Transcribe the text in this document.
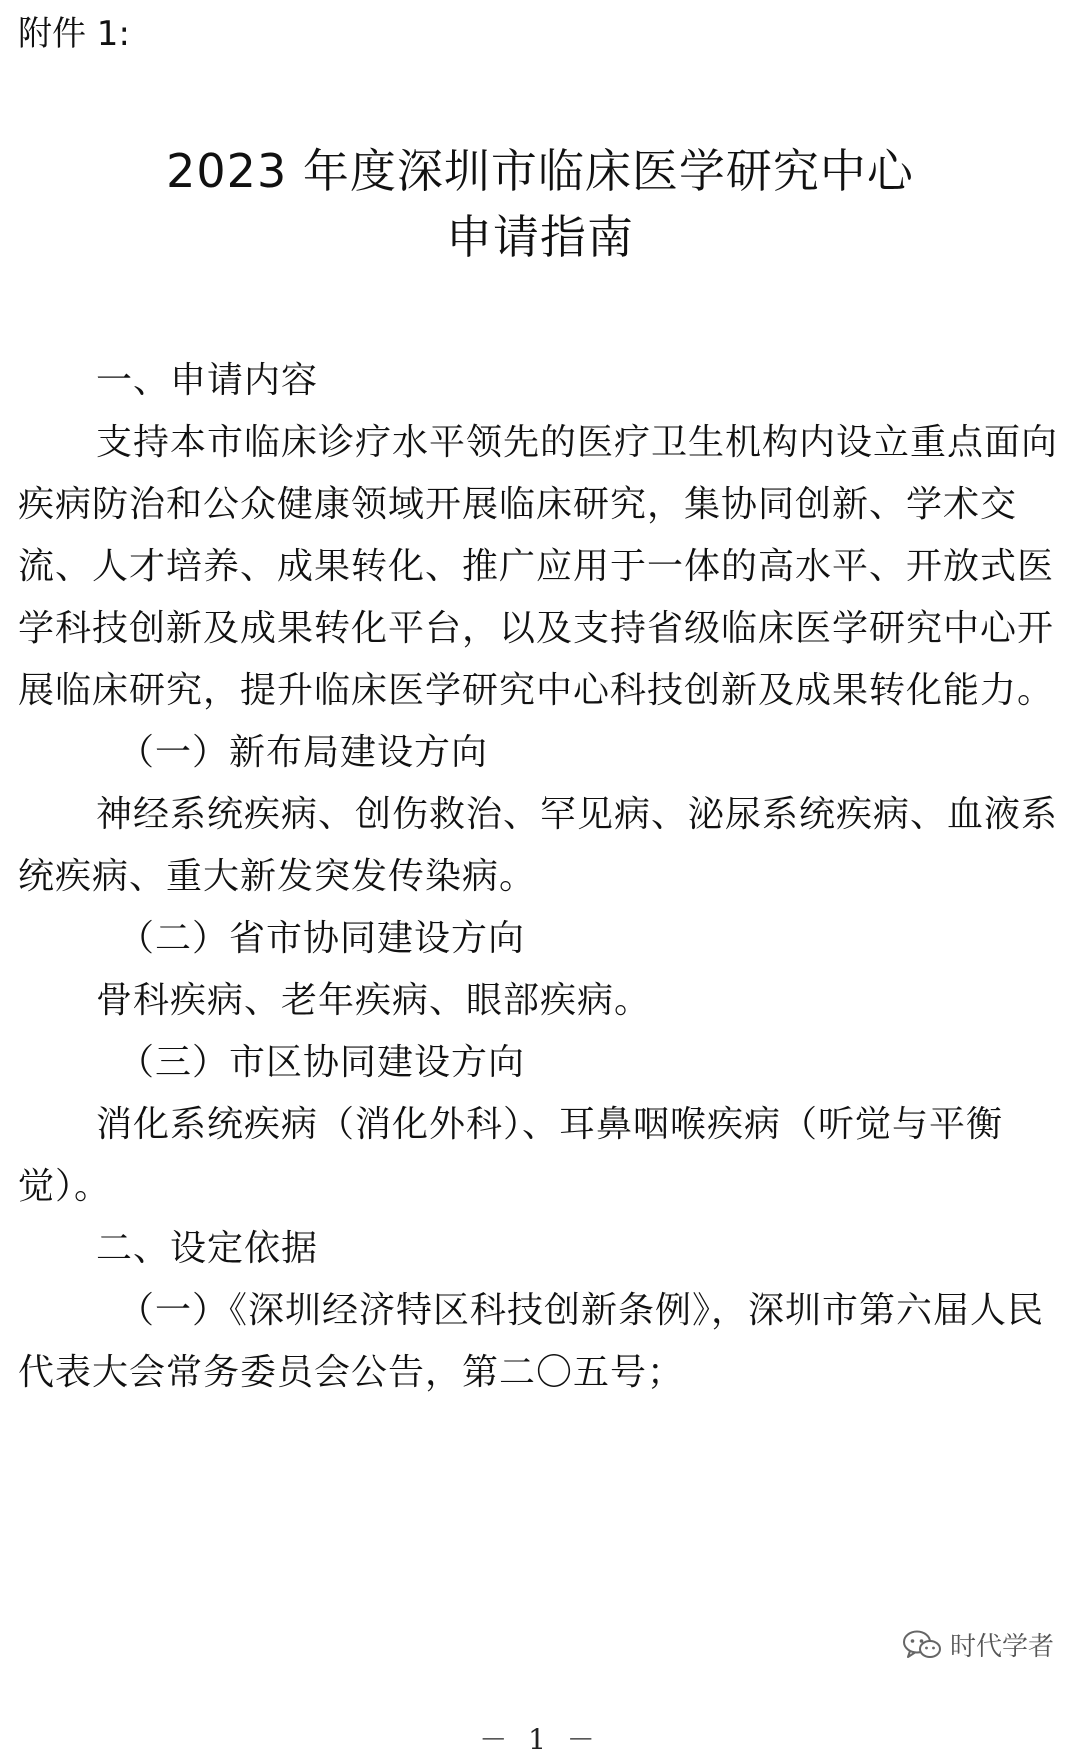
附件 1:
2023 年度深圳市临床医学研究中心
申请指南

一、申请内容

支持本市临床诊疗水平领先的医疗卫生机构内设立重点面向疾病防治和公众健康领域开展临床研究，集协同创新、学术交流、人才培养、成果转化、推广应用于一体的高水平、开放式医学科技创新及成果转化平台，以及支持省级临床医学研究中心开展临床研究，提升临床医学研究中心科技创新及成果转化能力。

（一）新布局建设方向

神经系统疾病、创伤救治、罕见病、泌尿系统疾病、血液系统疾病、重大新发突发传染病。

（二）省市协同建设方向

骨科疾病、老年疾病、眼部疾病。

（三）市区协同建设方向

消化系统疾病（消化外科）、耳鼻咽喉疾病（听觉与平衡觉）。

二、设定依据

（一）《深圳经济特区科技创新条例》，深圳市第六届人民代表大会常务委员会公告，第二〇五号；

时代学者
－ 1 －
